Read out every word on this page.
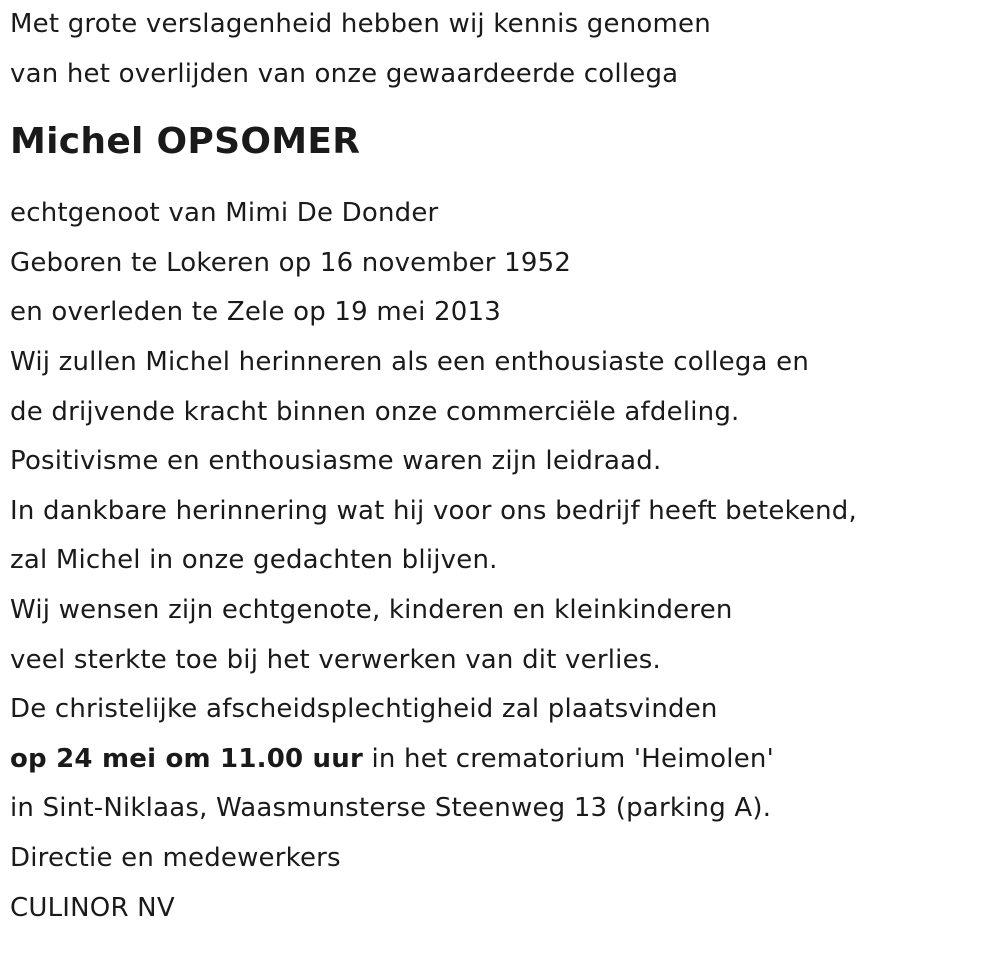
Met grote verslagenheid hebben wij kennis genomen
van het overlijden van onze gewaardeerde collega
Michel OPSOMER
echtgenoot van Mimi De Donder
Geboren te Lokeren op 16 november 1952
en overleden te Zele op 19 mei 2013
Wij zullen Michel herinneren als een enthousiaste collega en
de drijvende kracht binnen onze commerciële afdeling.
Positivisme en enthousiasme waren zijn leidraad.
In dankbare herinnering wat hij voor ons bedrijf heeft betekend,
zal Michel in onze gedachten blijven.
Wij wensen zijn echtgenote, kinderen en kleinkinderen
veel sterkte toe bij het verwerken van dit verlies.
De christelijke afscheidsplechtigheid zal plaatsvinden
op 24 mei om 11.00 uur in het crematorium 'Heimolen'
in Sint-Niklaas, Waasmunsterse Steenweg 13 (parking A).
Directie en medewerkers
CULINOR NV
